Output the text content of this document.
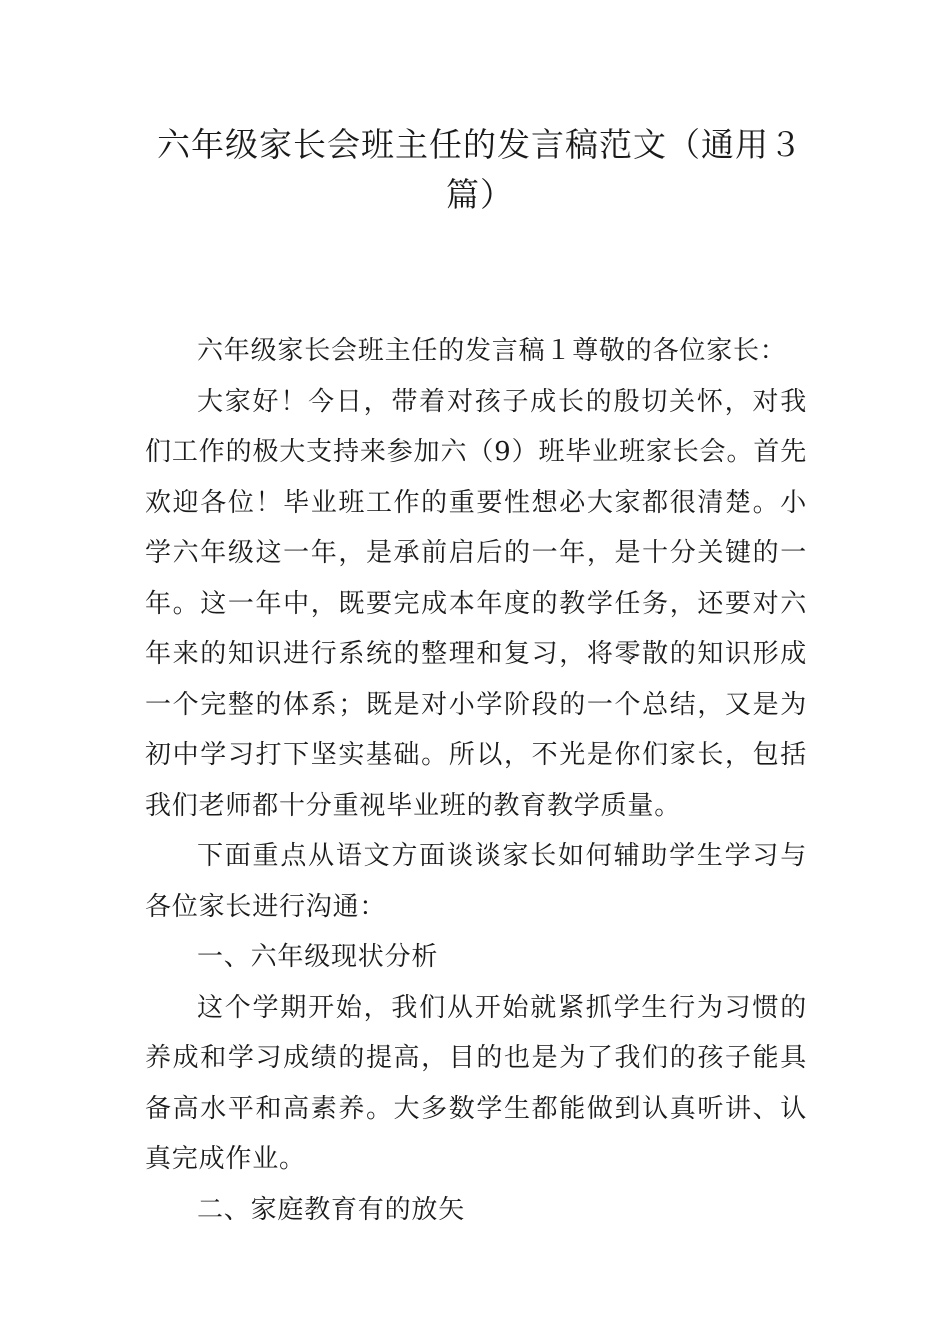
六年级家长会班主任的发言稿范文（通用３篇）

六年级家长会班主任的发言稿１尊敬的各位家长：

大家好！今日，带着对孩子成长的殷切关怀，对我们工作的极大支持来参加六（9）班毕业班家长会。首先欢迎各位！毕业班工作的重要性想必大家都很清楚。小学六年级这一年，是承前启后的一年，是十分关键的一年。这一年中，既要完成本年度的教学任务，还要对六年来的知识进行系统的整理和复习，将零散的知识形成一个完整的体系；既是对小学阶段的一个总结，又是为初中学习打下坚实基础。所以，不光是你们家长，包括我们老师都十分重视毕业班的教育教学质量。

下面重点从语文方面谈谈家长如何辅助学生学习与各位家长进行沟通：

一、六年级现状分析

这个学期开始，我们从开始就紧抓学生行为习惯的养成和学习成绩的提高，目的也是为了我们的孩子能具备高水平和高素养。大多数学生都能做到认真听讲、认真完成作业。

二、家庭教育有的放矢
